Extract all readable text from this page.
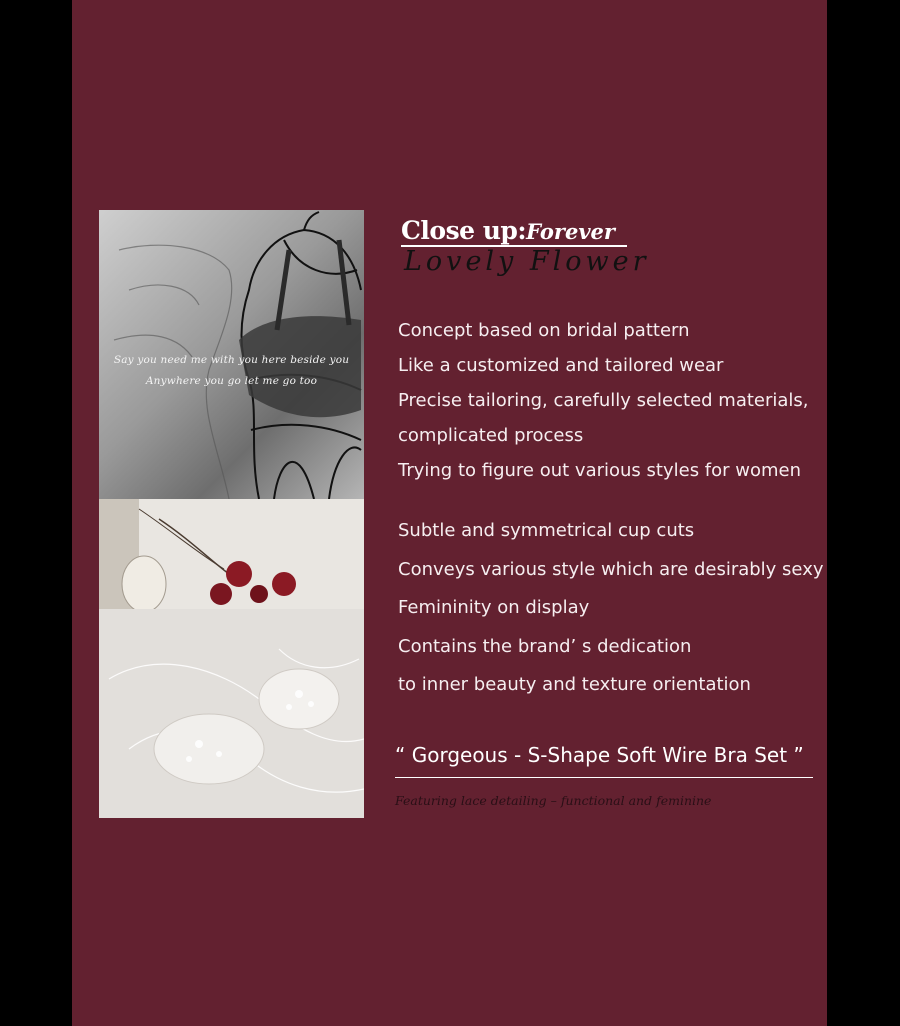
Say you need me with you here beside you
Anywhere you go let me go too
Close up:Forever
Lovely Flower
Concept based on bridal pattern
Like a customized and tailored wear
Precise tailoring, carefully selected materials,
complicated process
Trying to figure out various styles for women
Subtle and symmetrical cup cuts
Conveys various style which are desirably sexy
Femininity on display
Contains the brand’ s dedication
to inner beauty and texture orientation
“ Gorgeous - S-Shape Soft Wire Bra Set ”
Featuring lace detailing – functional and feminine
